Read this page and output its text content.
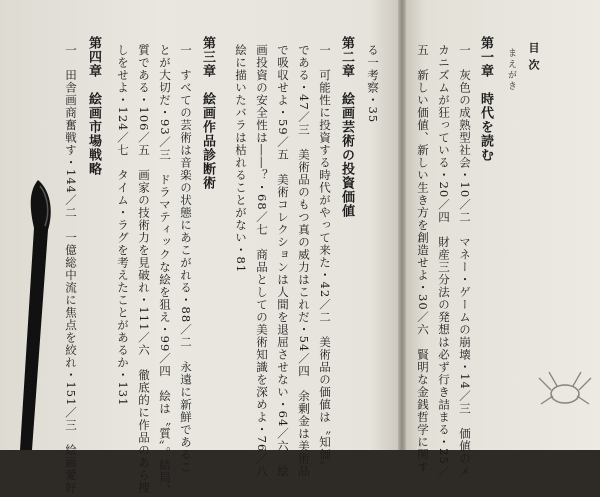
目次
まえがき
第一章　時代を読む
一　灰色の成熟型社会・10／二　マネー・ゲームの崩壊・14／三　価値のメ
カニズムが狂っている・20／四　財産三分法の発想は必ず行き詰まる・25／
五　新しい価値、新しい生き方を創造せよ・30／六　賢明な金銭哲学に関す
る一考察・35
第二章　絵画芸術の投資価値
一　可能性に投資する時代がやって来た・42／二　美術品の価値は〝知価〟
である・47／三　美術品のもつ真の威力はこれだ・54／四　余剰金は美術品
で吸収せよ・59／五　美術コレクションは人間を退屈させない・64／六　絵
画投資の安全性は――？・68／七　商品としての美術知識を深めよ・76／八
絵に描いたバラは枯れることがない・81
第三章　絵画作品診断術
一　すべての芸術は音楽の状態にあこがれる・88／二　永遠に新鮮であるこ
とが大切だ・93／三　ドラマティックな絵を狙え・99／四　絵は〝質〟。結局、
質である・106／五　画家の技術力を見破れ・111／六　徹底的に作品のあら捜
しをせよ・124／七　タイム・ラグを考えたことがあるか・131
第四章　絵画市場戦略
一　田舎画商奮戦す・144／二　一億総中流に焦点を絞れ・151／三　絵画愛好
